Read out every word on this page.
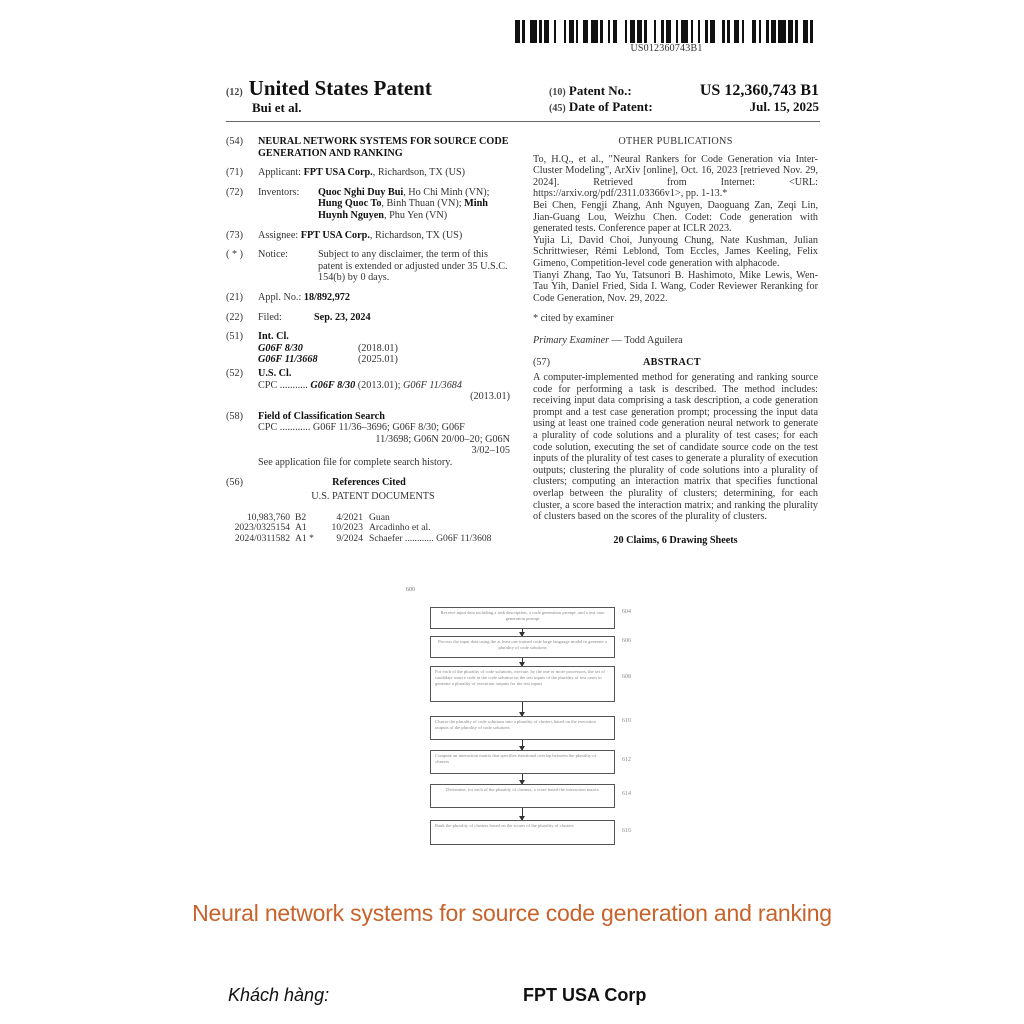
US012360743B1
(12) United States Patent
Bui et al.
(10) Patent No.:	US 12,360,743 B1
(45) Date of Patent:	Jul. 15, 2025
(54)	NEURAL NETWORK SYSTEMS FOR SOURCE CODE GENERATION AND RANKING
(71)	Applicant: FPT USA Corp., Richardson, TX (US)
(72)	Inventors:	Quoc Nghi Duy Bui, Ho Chi Minh (VN); Hung Quoc To, Binh Thuan (VN); Minh Huynh Nguyen, Phu Yen (VN)
(73)	Assignee: FPT USA Corp., Richardson, TX (US)
( * )	Notice:	Subject to any disclaimer, the term of this patent is extended or adjusted under 35 U.S.C. 154(b) by 0 days.
(21)	Appl. No.: 18/892,972
(22)	Filed:	Sep. 23, 2024
(51)	Int. Cl.
G06F 8/30	(2018.01)
G06F 11/3668	(2025.01)
(52)	U.S. Cl.
CPC ........... G06F 8/30 (2013.01); G06F 11/3684
(2013.01)
(58)	Field of Classification Search
CPC ............ G06F 11/36–3696; G06F 8/30; G06F
11/3698; G06N 20/00–20; G06N
3/02–105
See application file for complete search history.
(56)	References Cited
U.S. PATENT DOCUMENTS
10,983,760 B2	4/2021 Guan
2023/0325154 A1	10/2023 Arcadinho et al.
2024/0311582 A1 *	9/2024 Schaefer ............ G06F 11/3608
OTHER PUBLICATIONS

To, H.Q., et al., "Neural Rankers for Code Generation via Inter-Cluster Modeling", ArXiv [online], Oct. 16, 2023 [retrieved Nov. 29, 2024]. Retrieved from Internet: <URL: https://arxiv.org/pdf/2311.03366v1>, pp. 1-13.*

Bei Chen, Fengji Zhang, Anh Nguyen, Daoguang Zan, Zeqi Lin, Jian-Guang Lou, Weizhu Chen. Codet: Code generation with generated tests. Conference paper at ICLR 2023.

Yujia Li, David Choi, Junyoung Chung, Nate Kushman, Julian Schrittwieser, Rémi Leblond, Tom Eccles, James Keeling, Felix Gimeno, Competition-level code generation with alphacode.

Tianyi Zhang, Tao Yu, Tatsunori B. Hashimoto, Mike Lewis, Wen-Tau Yih, Daniel Fried, Sida I. Wang, Coder Reviewer Reranking for Code Generation, Nov. 29, 2022.

* cited by examiner
Primary Examiner — Todd Aguilera
(57)	ABSTRACT
A computer-implemented method for generating and ranking source code for performing a task is described. The method includes: receiving input data comprising a task description, a code generation prompt and a test case generation prompt; processing the input data using at least one trained code generation neural network to generate a plurality of code solutions and a plurality of test cases; for each code solution, executing the set of candidate source code on the test inputs of the plurality of test cases to generate a plurality of execution outputs; clustering the plurality of code solutions into a plurality of clusters; computing an interaction matrix that specifies functional overlap between the plurality of clusters; determining, for each cluster, a score based the interaction matrix; and ranking the plurality of clusters based on the scores of the plurality of clusters.
20 Claims, 6 Drawing Sheets
600
Receive input data including a task description, a code generation prompt, and a test case generation prompt
604
Process the input data using the at least one trained code large language model to generate a plurality of code solutions
606
For each of the plurality of code solutions, execute, by the one or more processors, the set of candidate source code in the code solution on the test inputs of the plurality of test cases to generate a plurality of execution outputs for the test inputs
608
Cluster the plurality of code solutions into a plurality of clusters based on the execution outputs of the plurality of code solutions
610
Compute an interaction matrix that specifies functional overlap between the plurality of clusters	612
Determine, for each of the plurality of clusters, a score based the interaction matrix
614
Rank the plurality of clusters based on the scores of the plurality of clusters
616
Neural network systems for source code generation and ranking
Khách hàng:	FPT USA Corp
